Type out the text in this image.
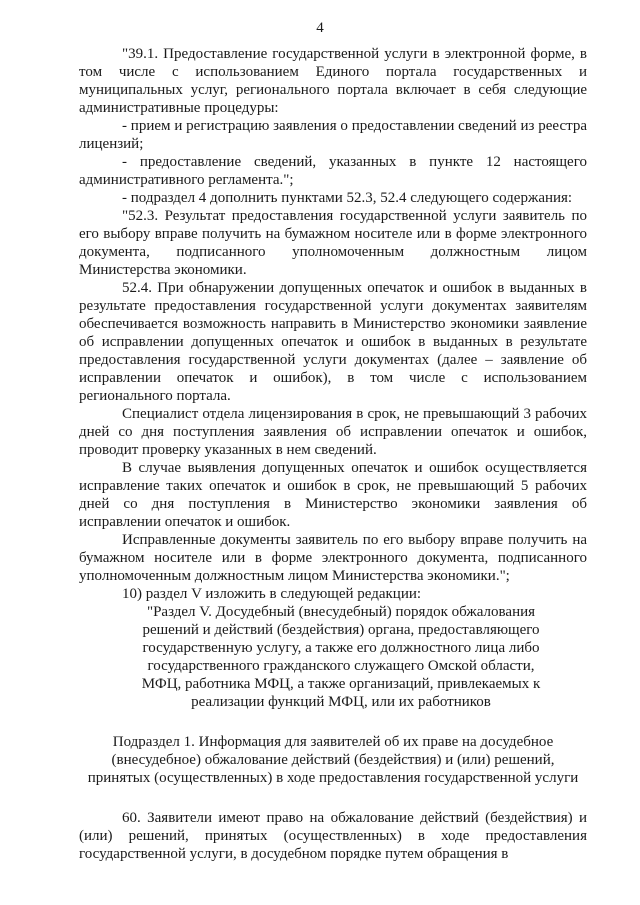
4

"39.1. Предоставление государственной услуги в электронной форме, в том числе с использованием Единого портала государственных и муниципальных услуг, регионального портала включает в себя следующие административные процедуры:

- прием и регистрацию заявления о предоставлении сведений из реестра лицензий;

- предоставление сведений, указанных в пункте 12 настоящего административного регламента.";

- подраздел 4 дополнить пунктами 52.3, 52.4 следующего содержания:

"52.3. Результат предоставления государственной услуги заявитель по его выбору вправе получить на бумажном носителе или в форме электронного документа, подписанного уполномоченным должностным лицом Министерства экономики.

52.4. При обнаружении допущенных опечаток и ошибок в выданных в результате предоставления государственной услуги документах заявителям обеспечивается возможность направить в Министерство экономики заявление об исправлении допущенных опечаток и ошибок в выданных в результате предоставления государственной услуги документах (далее – заявление об исправлении опечаток и ошибок), в том числе с использованием регионального портала.

Специалист отдела лицензирования в срок, не превышающий 3 рабочих дней со дня поступления заявления об исправлении опечаток и ошибок, проводит проверку указанных в нем сведений.

В случае выявления допущенных опечаток и ошибок осуществляется исправление таких опечаток и ошибок в срок, не превышающий 5 рабочих дней со дня поступления в Министерство экономики заявления об исправлении опечаток и ошибок.

Исправленные документы заявитель по его выбору вправе получить на бумажном носителе или в форме электронного документа, подписанного уполномоченным должностным лицом Министерства экономики.";

10) раздел V изложить в следующей редакции:

"Раздел V. Досудебный (внесудебный) порядок обжалования решений и действий (бездействия) органа, предоставляющего государственную услугу, а также его должностного лица либо государственного гражданского служащего Омской области, МФЦ, работника МФЦ, а также организаций, привлекаемых к реализации функций МФЦ, или их работников

Подраздел 1. Информация для заявителей об их праве на досудебное (внесудебное) обжалование действий (бездействия) и (или) решений, принятых (осуществленных) в ходе предоставления государственной услуги

60. Заявители имеют право на обжалование действий (бездействия) и (или) решений, принятых (осуществленных) в ходе предоставления государственной услуги, в досудебном порядке путем обращения в
